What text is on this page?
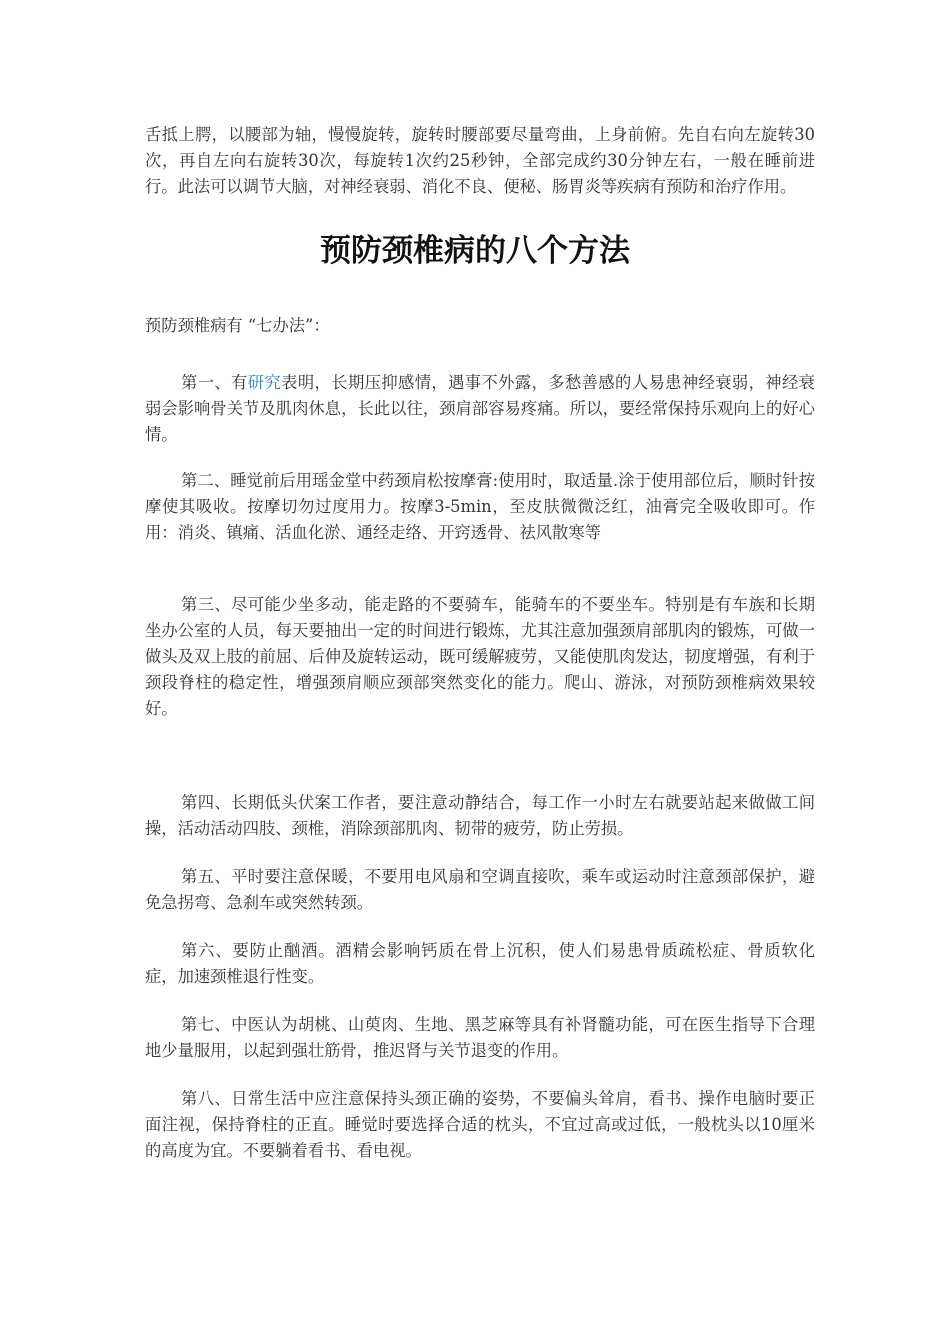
舌抵上腭，以腰部为轴，慢慢旋转，旋转时腰部要尽量弯曲，上身前俯。先自右向左旋转30次，再自左向右旋转30次，每旋转1次约25秒钟，全部完成约30分钟左右，一般在睡前进行。此法可以调节大脑，对神经衰弱、消化不良、便秘、肠胃炎等疾病有预防和治疗作用。

预防颈椎病的八个方法

预防颈椎病有 “七办法”：

第一、有研究表明，长期压抑感情，遇事不外露，多愁善感的人易患神经衰弱，神经衰弱会影响骨关节及肌肉休息，长此以往，颈肩部容易疼痛。所以，要经常保持乐观向上的好心情。

第二、睡觉前后用瑶金堂中药颈肩松按摩膏:使用时，取适量.涂于使用部位后，顺时针按摩使其吸收。按摩切勿过度用力。按摩3-5min，至皮肤微微泛红，油膏完全吸收即可。作用：消炎、镇痛、活血化淤、通经走络、开窍透骨、祛风散寒等

第三、尽可能少坐多动，能走路的不要骑车，能骑车的不要坐车。特别是有车族和长期坐办公室的人员，每天要抽出一定的时间进行锻炼，尤其注意加强颈肩部肌肉的锻炼，可做一做头及双上肢的前屈、后伸及旋转运动，既可缓解疲劳，又能使肌肉发达，韧度增强，有利于颈段脊柱的稳定性，增强颈肩顺应颈部突然变化的能力。爬山、游泳，对预防颈椎病效果较好。

第四、长期低头伏案工作者，要注意动静结合，每工作一小时左右就要站起来做做工间操，活动活动四肢、颈椎，消除颈部肌肉、韧带的疲劳，防止劳损。

第五、平时要注意保暖，不要用电风扇和空调直接吹，乘车或运动时注意颈部保护，避免急拐弯、急刹车或突然转颈。

第六、要防止酗酒。酒精会影响钙质在骨上沉积，使人们易患骨质疏松症、骨质软化症，加速颈椎退行性变。

第七、中医认为胡桃、山萸肉、生地、黑芝麻等具有补肾髓功能，可在医生指导下合理地少量服用，以起到强壮筋骨，推迟肾与关节退变的作用。

第八、日常生活中应注意保持头颈正确的姿势，不要偏头耸肩，看书、操作电脑时要正面注视，保持脊柱的正直。睡觉时要选择合适的枕头，不宜过高或过低，一般枕头以10厘米的高度为宜。不要躺着看书、看电视。
